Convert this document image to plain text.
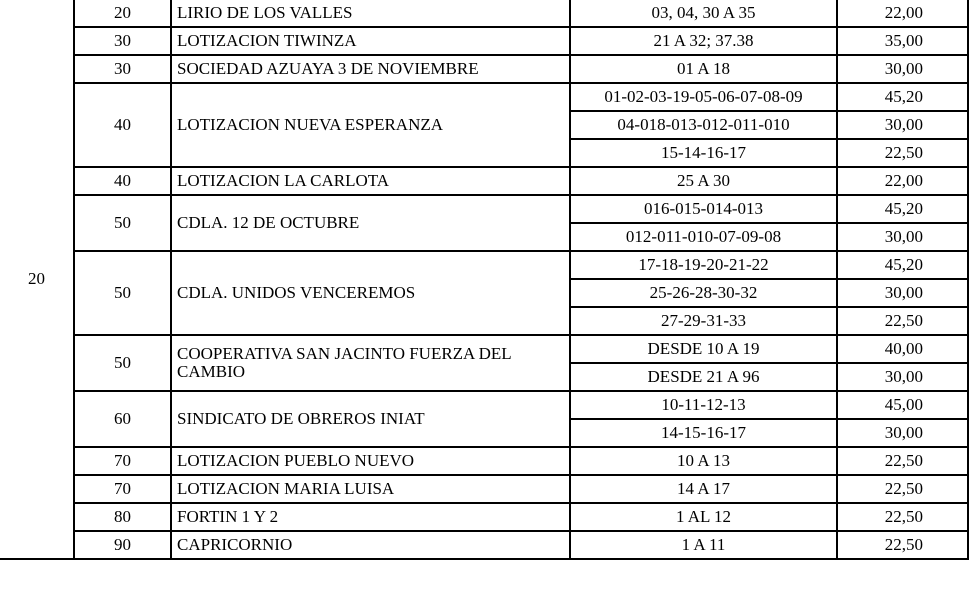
20	20	LIRIO DE LOS VALLES	03, 04, 30 A 35	22,00
	30	LOTIZACION TIWINZA	21 A 32; 37.38	35,00
	30	SOCIEDAD AZUAYA 3 DE NOVIEMBRE	01 A 18	30,00
	40	LOTIZACION NUEVA ESPERANZA	01-02-03-19-05-06-07-08-09	45,20
			04-018-013-012-011-010	30,00
			15-14-16-17	22,50
	40	LOTIZACION LA CARLOTA	25 A 30	22,00
	50	CDLA. 12 DE OCTUBRE	016-015-014-013	45,20
			012-011-010-07-09-08	30,00
	50	CDLA. UNIDOS VENCEREMOS	17-18-19-20-21-22	45,20
			25-26-28-30-32	30,00
			27-29-31-33	22,50
	50	COOPERATIVA SAN JACINTO FUERZA DEL CAMBIO	DESDE 10 A 19	40,00
			DESDE 21 A 96	30,00
	60	SINDICATO DE OBREROS INIAT	10-11-12-13	45,00
			14-15-16-17	30,00
	70	LOTIZACION PUEBLO NUEVO	10 A 13	22,50
	70	LOTIZACION MARIA LUISA	14 A 17	22,50
	80	FORTIN 1 Y 2	1 AL 12	22,50
	90	CAPRICORNIO	1 A 11	22,50
